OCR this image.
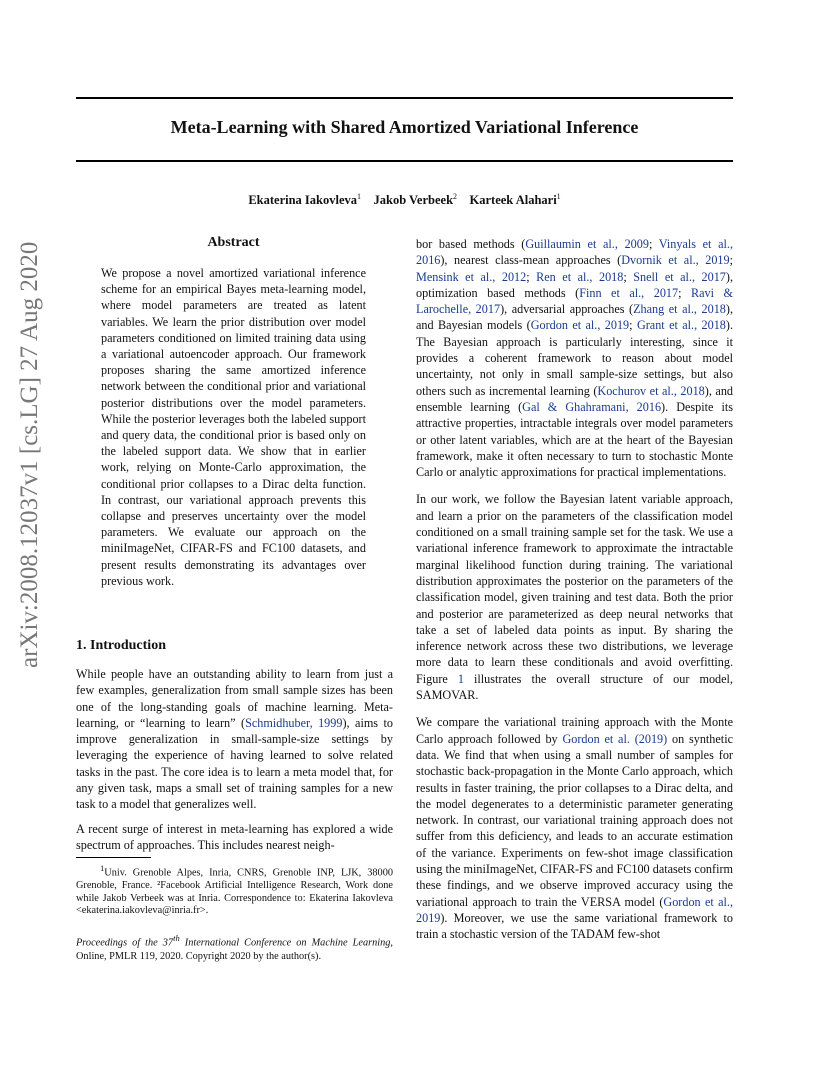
Meta-Learning with Shared Amortized Variational Inference
Ekaterina Iakovleva$^1$ Jakob Verbeek$^2$ Karteek Alahari$^1$
arXiv:2008.12037v1 [cs.LG] 27 Aug 2020	Abstract
We propose a novel amortized variational inference scheme for an empirical Bayes meta-learning model, where model parameters are treated as latent variables. We learn the prior distribution over model parameters conditioned on limited training data using a variational autoencoder approach. Our framework proposes sharing the same amortized inference network between the conditional prior and variational posterior distributions over the model parameters. While the posterior leverages both the labeled support and query data, the conditional prior is based only on the labeled support data. We show that in earlier work, relying on Monte-Carlo approximation, the conditional prior collapses to a Dirac delta function. In contrast, our variational approach prevents this collapse and preserves uncertainty over the model parameters. We evaluate our approach on the miniImageNet, CIFAR-FS and FC100 datasets, and present results demonstrating its advantages over previous work.
1. Introduction

While people have an outstanding ability to learn from just a few examples, generalization from small sample sizes has been one of the long-standing goals of machine learning. Meta-learning, or “learning to learn” (Schmidhuber, 1999), aims to improve generalization in small-sample-size settings by leveraging the experience of having learned to solve related tasks in the past. The core idea is to learn a meta model that, for any given task, maps a small set of training samples for a new task to a model that generalizes well.

A recent surge of interest in meta-learning has explored a wide spectrum of approaches. This includes nearest neigh-

$^1$Univ. Grenoble Alpes, Inria, CNRS, Grenoble INP, LJK, 38000 Grenoble, France. ²Facebook Artificial Intelligence Research, Work done while Jakob Verbeek was at Inria. Correspondence to: Ekaterina Iakovleva <ekaterina.iakovleva@inria.fr>.
Proceedings of the 37th International Conference on Machine Learning, Online, PMLR 119, 2020. Copyright 2020 by the author(s).

bor based methods (Guillaumin et al., 2009; Vinyals et al., 2016), nearest class-mean approaches (Dvornik et al., 2019; Mensink et al., 2012; Ren et al., 2018; Snell et al., 2017), optimization based methods (Finn et al., 2017; Ravi & Larochelle, 2017), adversarial approaches (Zhang et al., 2018), and Bayesian models (Gordon et al., 2019; Grant et al., 2018). The Bayesian approach is particularly interesting, since it provides a coherent framework to reason about model uncertainty, not only in small sample-size settings, but also others such as incremental learning (Kochurov et al., 2018), and ensemble learning (Gal & Ghahramani, 2016). Despite its attractive properties, intractable integrals over model parameters or other latent variables, which are at the heart of the Bayesian framework, make it often necessary to turn to stochastic Monte Carlo or analytic approximations for practical implementations.

In our work, we follow the Bayesian latent variable approach, and learn a prior on the parameters of the classification model conditioned on a small training sample set for the task. We use a variational inference framework to approximate the intractable marginal likelihood function during training. The variational distribution approximates the posterior on the parameters of the classification model, given training and test data. Both the prior and posterior are parameterized as deep neural networks that take a set of labeled data points as input. By sharing the inference network across these two distributions, we leverage more data to learn these conditionals and avoid overfitting. Figure 1 illustrates the overall structure of our model, SAMOVAR.

We compare the variational training approach with the Monte Carlo approach followed by Gordon et al. (2019) on synthetic data. We find that when using a small number of samples for stochastic back-propagation in the Monte Carlo approach, which results in faster training, the prior collapses to a Dirac delta, and the model degenerates to a deterministic parameter generating network. In contrast, our variational training approach does not suffer from this deficiency, and leads to an accurate estimation of the variance. Experiments on few-shot image classification using the miniImageNet, CIFAR-FS and FC100 datasets confirm these findings, and we observe improved accuracy using the variational approach to train the VERSA model (Gordon et al., 2019). Moreover, we use the same variational framework to train a stochastic version of the TADAM few-shot
